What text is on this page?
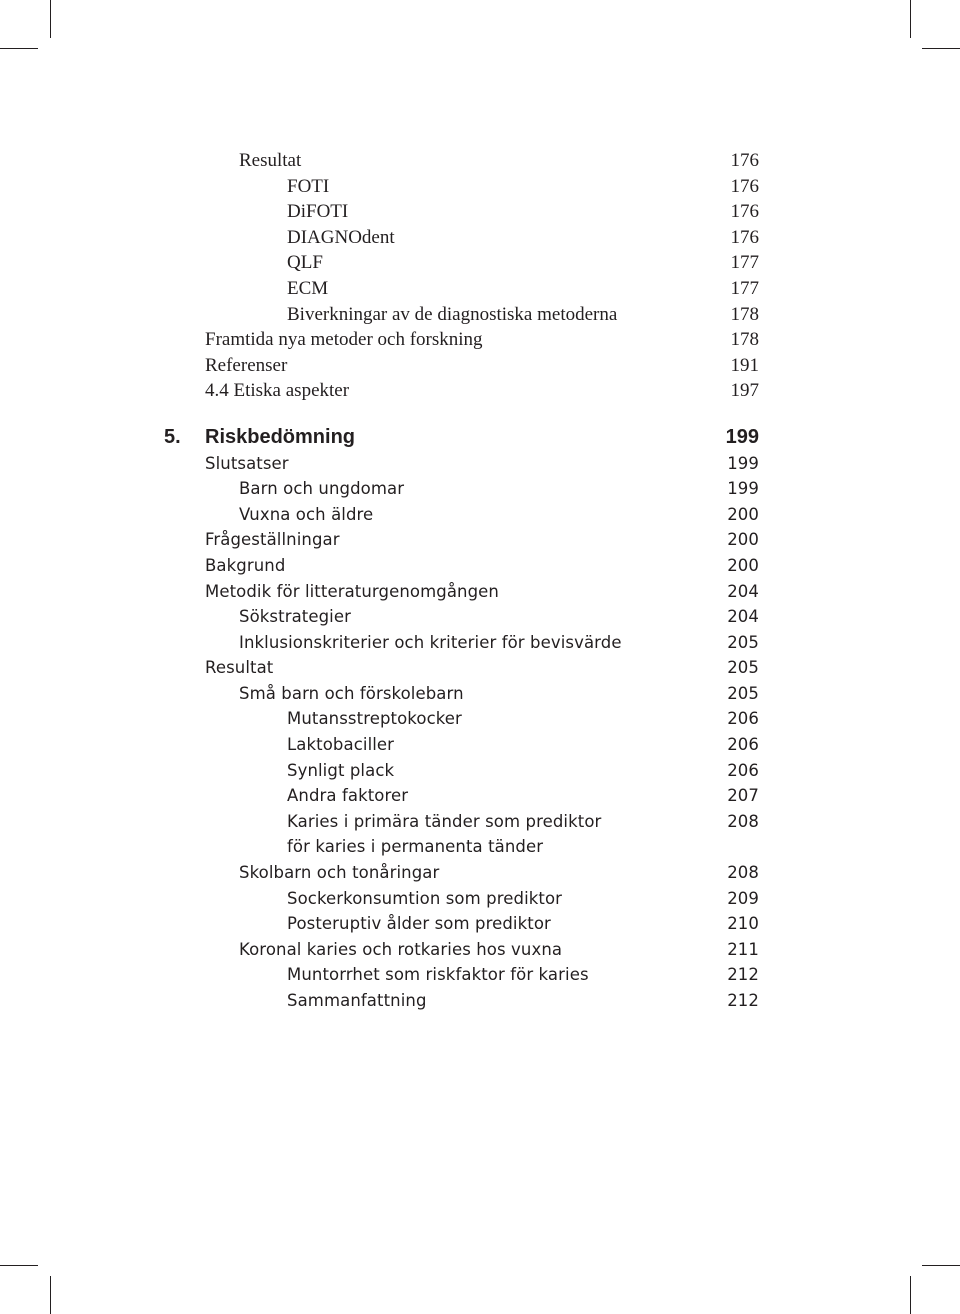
Resultat	176
FOTI	176
DiFOTI	176
DIAGNOdent	176
QLF	177
ECM	177
Biverkningar av de diagnostiska metoderna	178
Framtida nya metoder och forskning	178
Referenser	191
4.4 Etiska aspekter	197
5. Riskbedömning	199
Slutsatser	199
Barn och ungdomar	199
Vuxna och äldre	200
Frågeställningar	200
Bakgrund	200
Metodik för litteraturgenomgången	204
Sökstrategier	204
Inklusionskriterier och kriterier för bevisvärde	205
Resultat	205
Små barn och förskolebarn	205
Mutansstreptokocker	206
Laktobaciller	206
Synligt plack	206
Andra faktorer	207
Karies i primära tänder som prediktor	208
för karies i permanenta tänder
Skolbarn och tonåringar	208
Sockerkonsumtion som prediktor	209
Posteruptiv ålder som prediktor	210
Koronal karies och rotkaries hos vuxna	211
Muntorrhet som riskfaktor för karies	212
Sammanfattning	212
